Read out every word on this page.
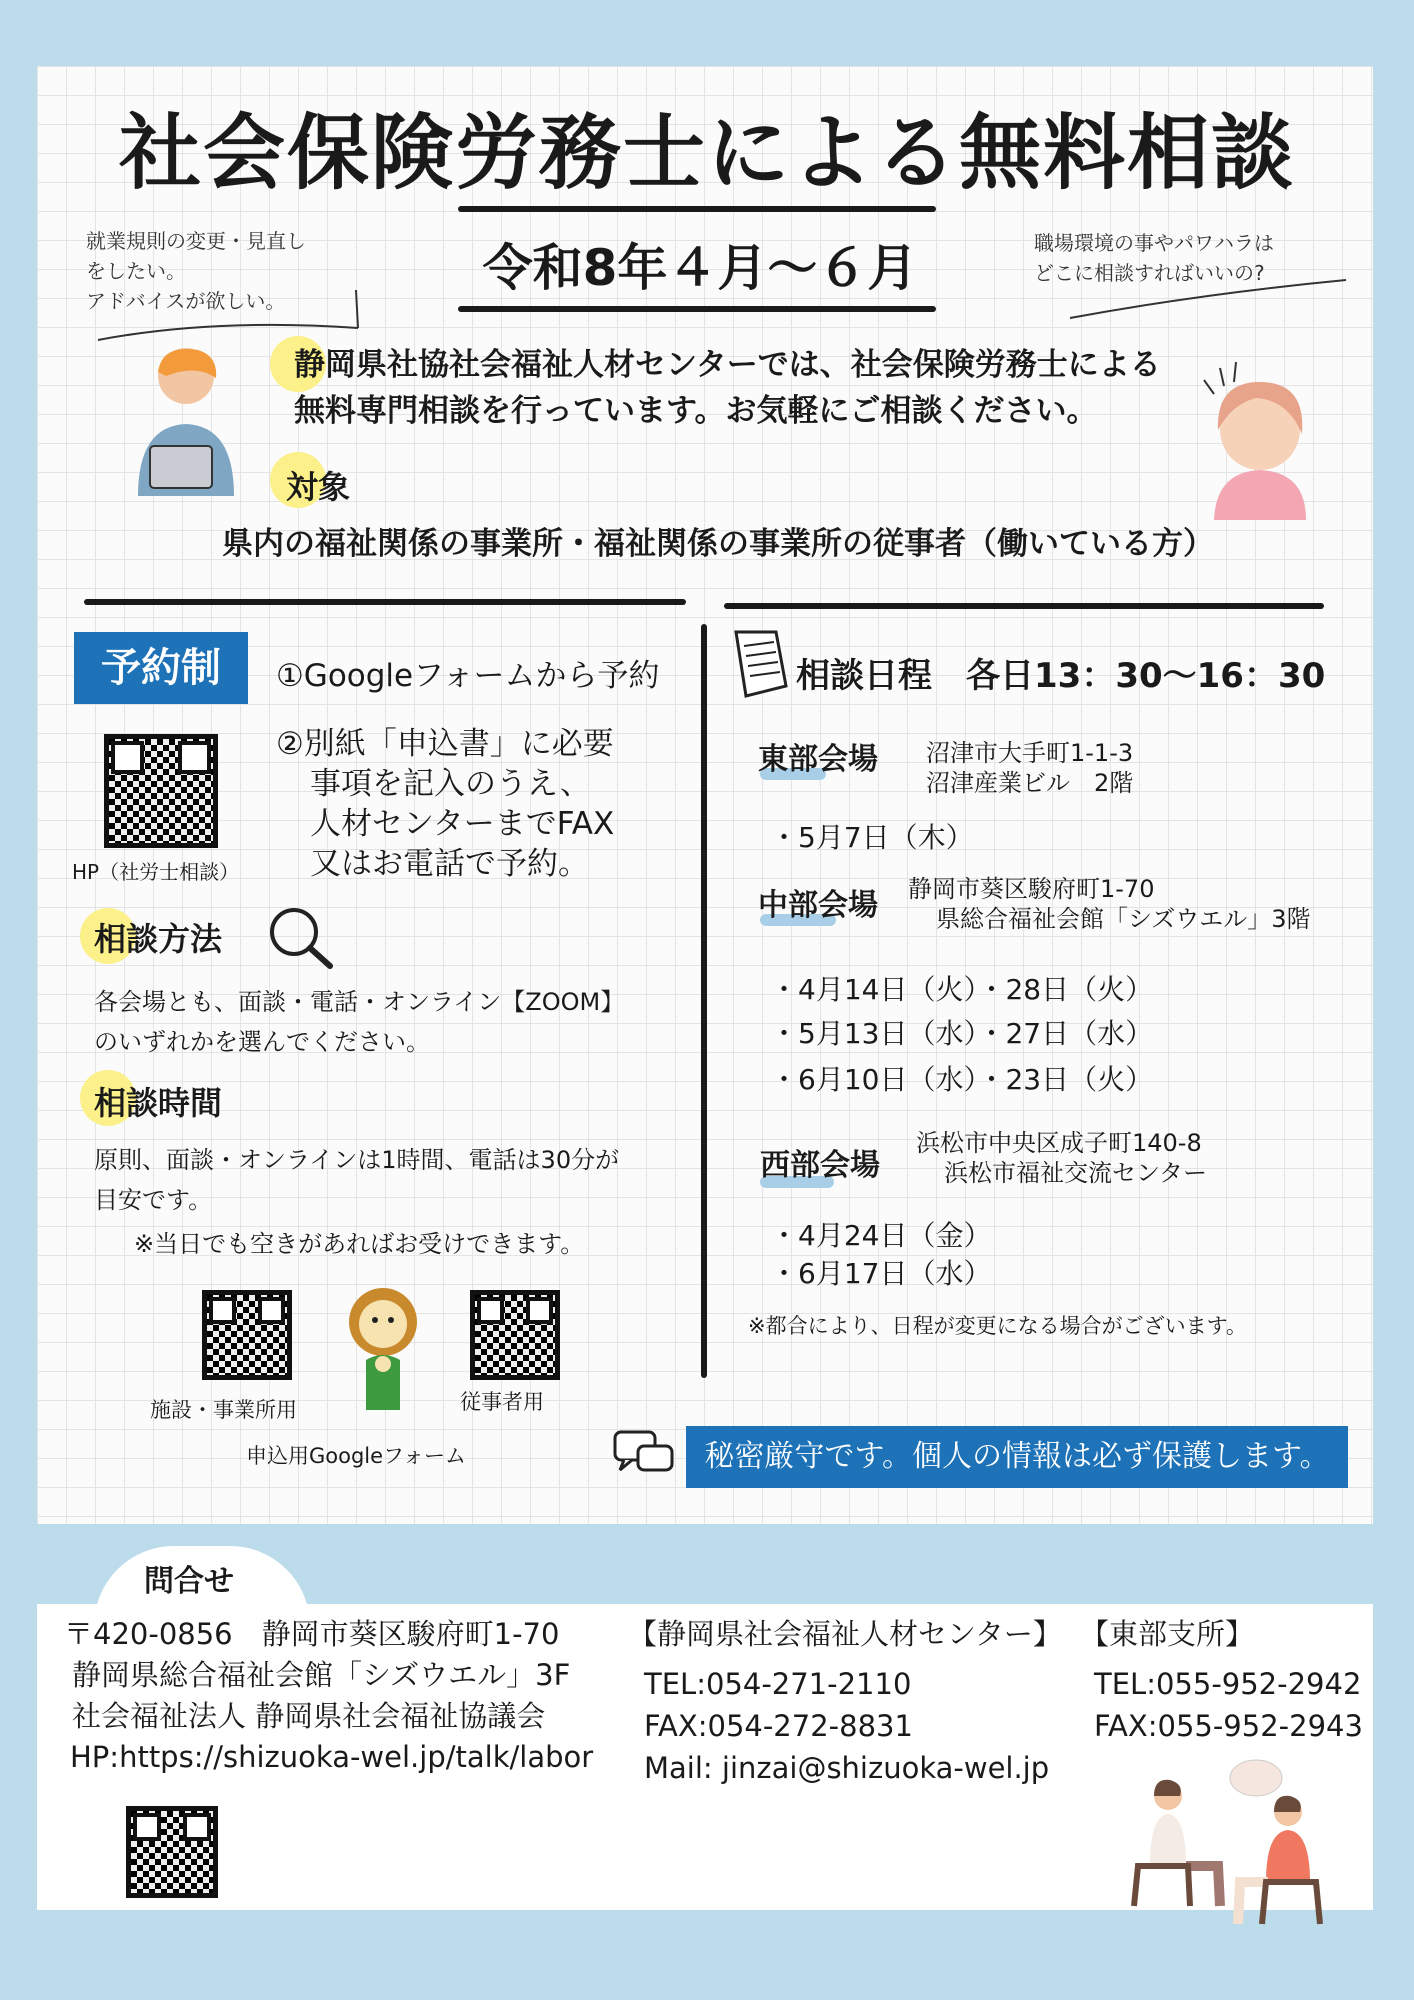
社会保険労務士による無料相談
令和8年４月～６月
就業規則の変更・見直し
をしたい。
アドバイスが欲しい。
職場環境の事やパワハラは
どこに相談すればいいの?
静岡県社協社会福祉人材センターでは、社会保険労務士による
無料専門相談を行っています。お気軽にご相談ください。
対象
県内の福祉関係の事業所・福祉関係の事業所の従事者（働いている方）
予約制	①Googleフォームから予約
②別紙「申込書」に必要
事項を記入のうえ、
人材センターまでFAX
又はお電話で予約。
HP（社労士相談）
相談方法
各会場とも、面談・電話・オンライン【ZOOM】
のいずれかを選んでください。
相談時間
原則、面談・オンラインは1時間、電話は30分が
目安です。
※当日でも空きがあればお受けできます。
施設・事業所用	従事者用
申込用Googleフォーム
相談日程　各日13：30～16：30
東部会場 沼津市大手町1-1-3
沼津産業ビル　2階
・5月7日（木）
中部会場 静岡市葵区駿府町1-70
県総合福祉会館「シズウエル」3階
・4月14日（火）・28日（火）
・5月13日（水）・27日（水）
・6月10日（水）・23日（火）
西部会場
浜松市中央区成子町140-8
浜松市福祉交流センター
・4月24日（金）
・6月17日（水）
※都合により、日程が変更になる場合がございます。
秘密厳守です。個人の情報は必ず保護します。
問合せ
〒420-0856　静岡市葵区駿府町1-70
静岡県総合福祉会館「シズウエル」3F
社会福祉法人 静岡県社会福祉協議会
HP:https://shizuoka-wel.jp/talk/labor
【静岡県社会福祉人材センター】
TEL:054-271-2110
FAX:054-272-8831
Mail: jinzai@shizuoka-wel.jp
【東部支所】
TEL:055-952-2942
FAX:055-952-2943
